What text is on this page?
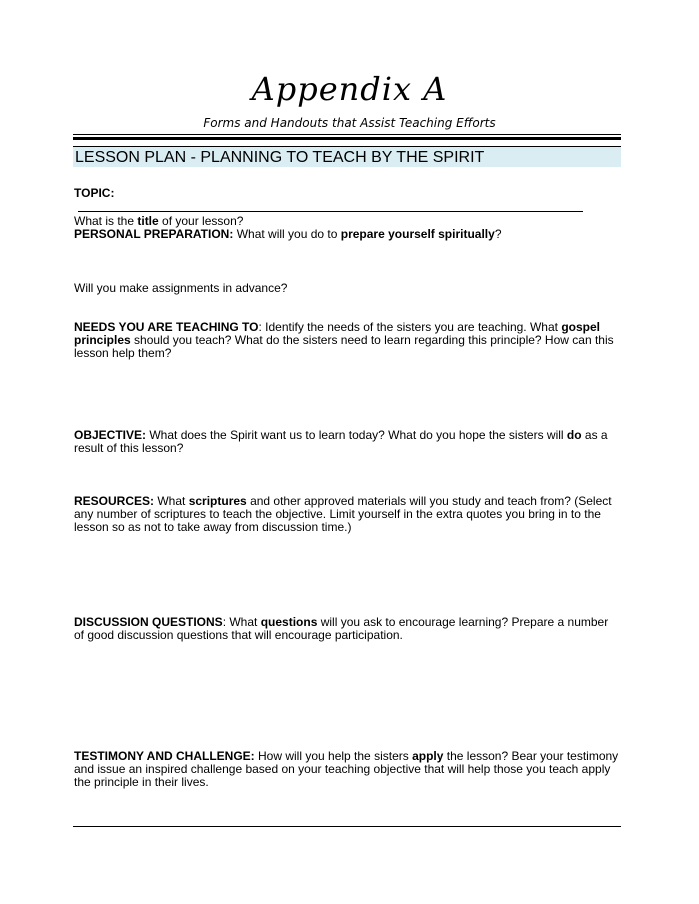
Appendix A
Forms and Handouts that Assist Teaching Efforts
LESSON PLAN - PLANNING TO TEACH BY THE SPIRIT
TOPIC:
What is the title of your lesson?
PERSONAL PREPARATION: What will you do to prepare yourself spiritually?
Will you make assignments in advance?
NEEDS YOU ARE TEACHING TO: Identify the needs of the sisters you are teaching. What gospel principles should you teach? What do the sisters need to learn regarding this principle? How can this lesson help them?
OBJECTIVE: What does the Spirit want us to learn today? What do you hope the sisters will do as a result of this lesson?
RESOURCES: What scriptures and other approved materials will you study and teach from? (Select any number of scriptures to teach the objective. Limit yourself in the extra quotes you bring in to the lesson so as not to take away from discussion time.)
DISCUSSION QUESTIONS: What questions will you ask to encourage learning? Prepare a number of good discussion questions that will encourage participation.
TESTIMONY AND CHALLENGE: How will you help the sisters apply the lesson? Bear your testimony and issue an inspired challenge based on your teaching objective that will help those you teach apply the principle in their lives.
